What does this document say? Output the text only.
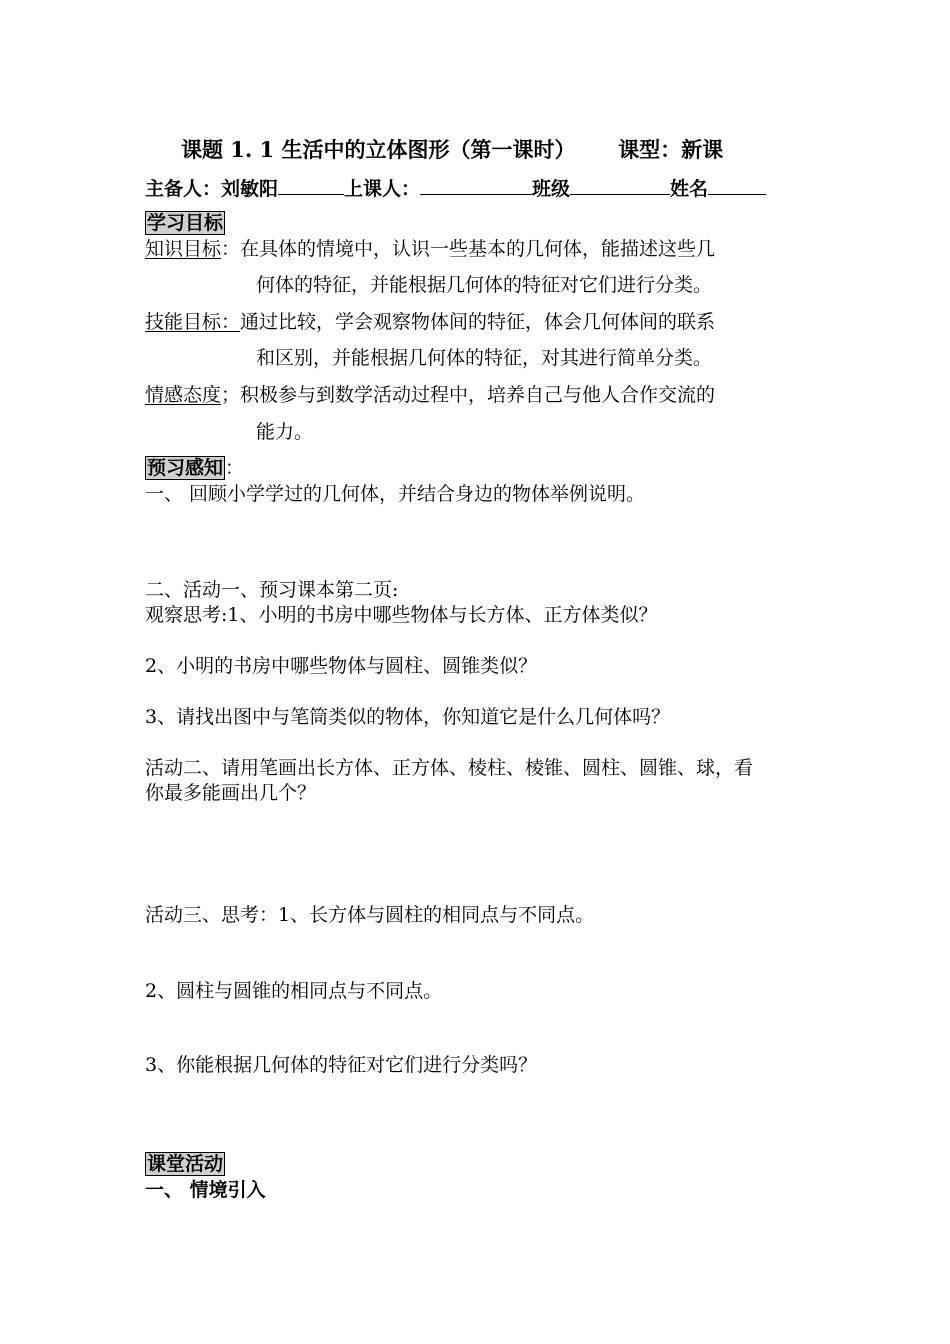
课题 1. 1 生活中的立体图形（第一课时） 课型：新课
主备人：刘敏阳	上课人：	班级	姓名
学习目标
知识目标：在具体的情境中，认识一些基本的几何体，能描述这些几
何体的特征，并能根据几何体的特征对它们进行分类。
技能目标：通过比较，学会观察物体间的特征，体会几何体间的联系
和区别，并能根据几何体的特征，对其进行简单分类。
情感态度；积极参与到数学活动过程中，培养自己与他人合作交流的
能力。
预习感知 ：
一、 回顾小学学过的几何体，并结合身边的物体举例说明。
二、活动一、预习课本第二页:
观察思考:1、小明的书房中哪些物体与长方体、正方体类似？
2、小明的书房中哪些物体与圆柱、圆锥类似？
3、请找出图中与笔筒类似的物体，你知道它是什么几何体吗？
活动二、请用笔画出长方体、正方体、棱柱、棱锥、圆柱、圆锥、球，看
你最多能画出几个？
活动三、思考：1、长方体与圆柱的相同点与不同点。
2、圆柱与圆锥的相同点与不同点。
3、你能根据几何体的特征对它们进行分类吗？
课堂活动
一、 情境引入
